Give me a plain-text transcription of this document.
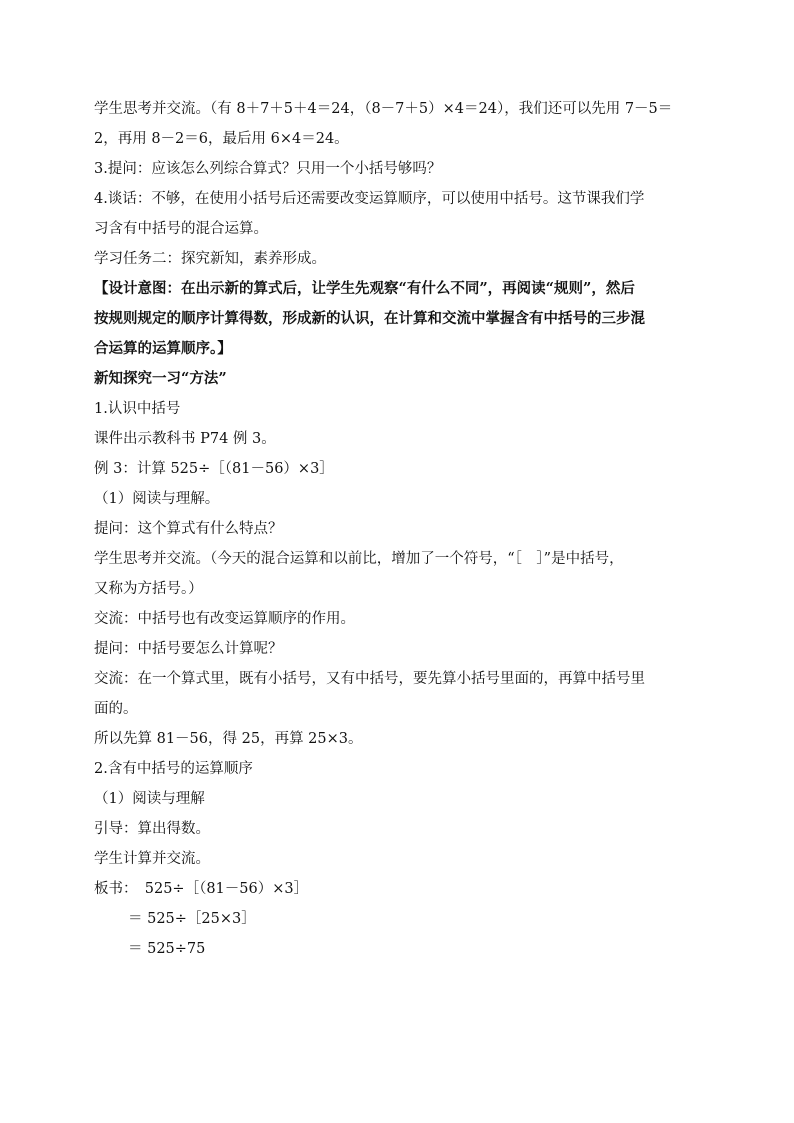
学生思考并交流。（有 8＋7＋5＋4＝24，（8－7＋5）×4＝24），我们还可以先用 7－5＝
2，再用 8－2＝6，最后用 6×4＝24。
3.提问：应该怎么列综合算式？只用一个小括号够吗？
4.谈话：不够，在使用小括号后还需要改变运算顺序，可以使用中括号。这节课我们学
习含有中括号的混合运算。
学习任务二：探究新知，素养形成。
【设计意图：在出示新的算式后，让学生先观察“有什么不同”，再阅读“规则”，然后
按规则规定的顺序计算得数，形成新的认识，在计算和交流中掌握含有中括号的三步混
合运算的运算顺序。】
新知探究一习“方法”
1.认识中括号
课件出示教科书 P74 例 3。
例 3：计算 525÷［（81－56）×3］
（1）阅读与理解。
提问：这个算式有什么特点？
学生思考并交流。（今天的混合运算和以前比，增加了一个符号，“［　］”是中括号，
又称为方括号。）
交流：中括号也有改变运算顺序的作用。
提问：中括号要怎么计算呢？
交流：在一个算式里，既有小括号，又有中括号，要先算小括号里面的，再算中括号里
面的。
所以先算 81－56，得 25，再算 25×3。
2.含有中括号的运算顺序
（1）阅读与理解
引导：算出得数。
学生计算并交流。
板书：　525÷［（81－56）×3］
＝ 525÷［25×3］
＝ 525÷75
